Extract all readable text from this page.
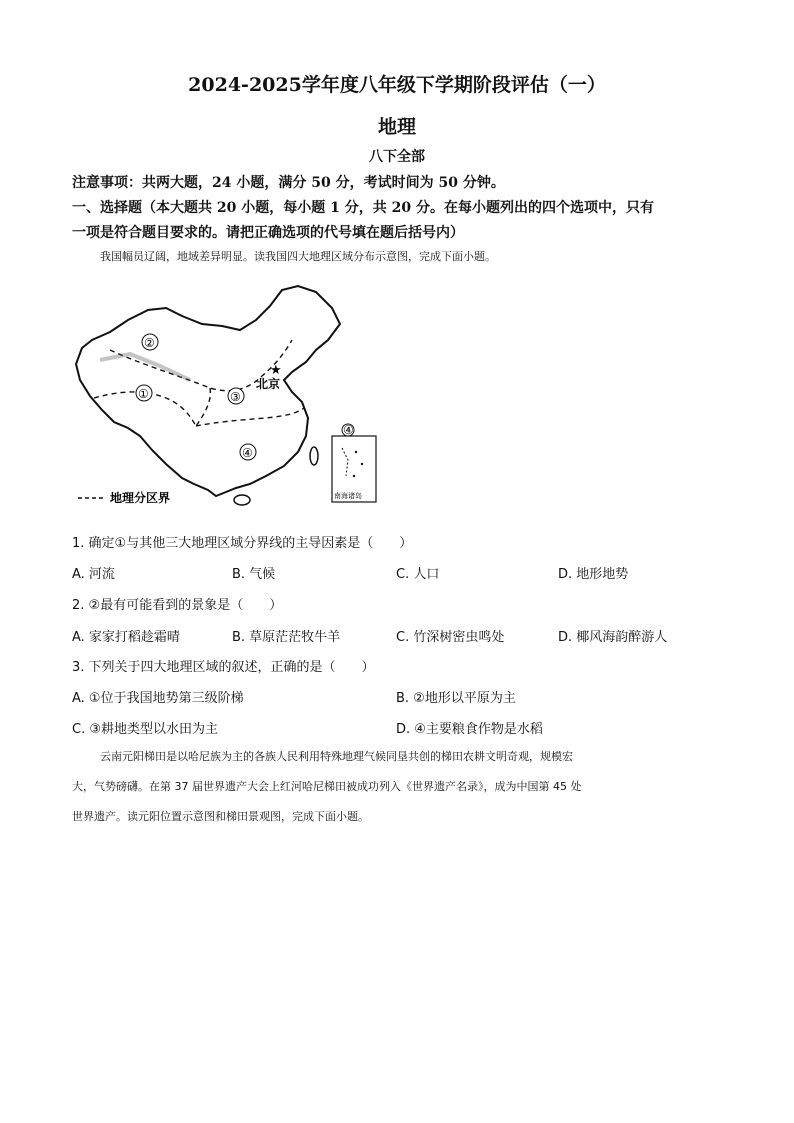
2024-2025学年度八年级下学期阶段评估（一）
地理
八下全部
注意事项：共两大题，24 小题，满分 50 分，考试时间为 50 分钟。
一、选择题（本大题共 20 小题，每小题 1 分，共 20 分。在每小题列出的四个选项中，只有
一项是符合题目要求的。请把正确选项的代号填在题后括号内）
我国幅员辽阔，地域差异明显。读我国四大地理区域分布示意图，完成下面小题。
②
①	③
④
★
北京
④
南海诸岛
地理分区界
1. 确定①与其他三大地理区域分界线的主导因素是（　　）
A. 河流	B. 气候	C. 人口	D. 地形地势
2. ②最有可能看到的景象是（　　）
A. 家家打稻趁霜晴	B. 草原茫茫牧牛羊	C. 竹深树密虫鸣处	D. 椰风海韵醉游人
3. 下列关于四大地理区域的叙述，正确的是（　　）
A. ①位于我国地势第三级阶梯	B. ②地形以平原为主
C. ③耕地类型以水田为主	D. ④主要粮食作物是水稻
云南元阳梯田是以哈尼族为主的各族人民利用特殊地理气候同垦共创的梯田农耕文明奇观，规模宏
大，气势磅礴。在第 37 届世界遗产大会上红河哈尼梯田被成功列入《世界遗产名录》，成为中国第 45 处
世界遗产。读元阳位置示意图和梯田景观图，完成下面小题。
